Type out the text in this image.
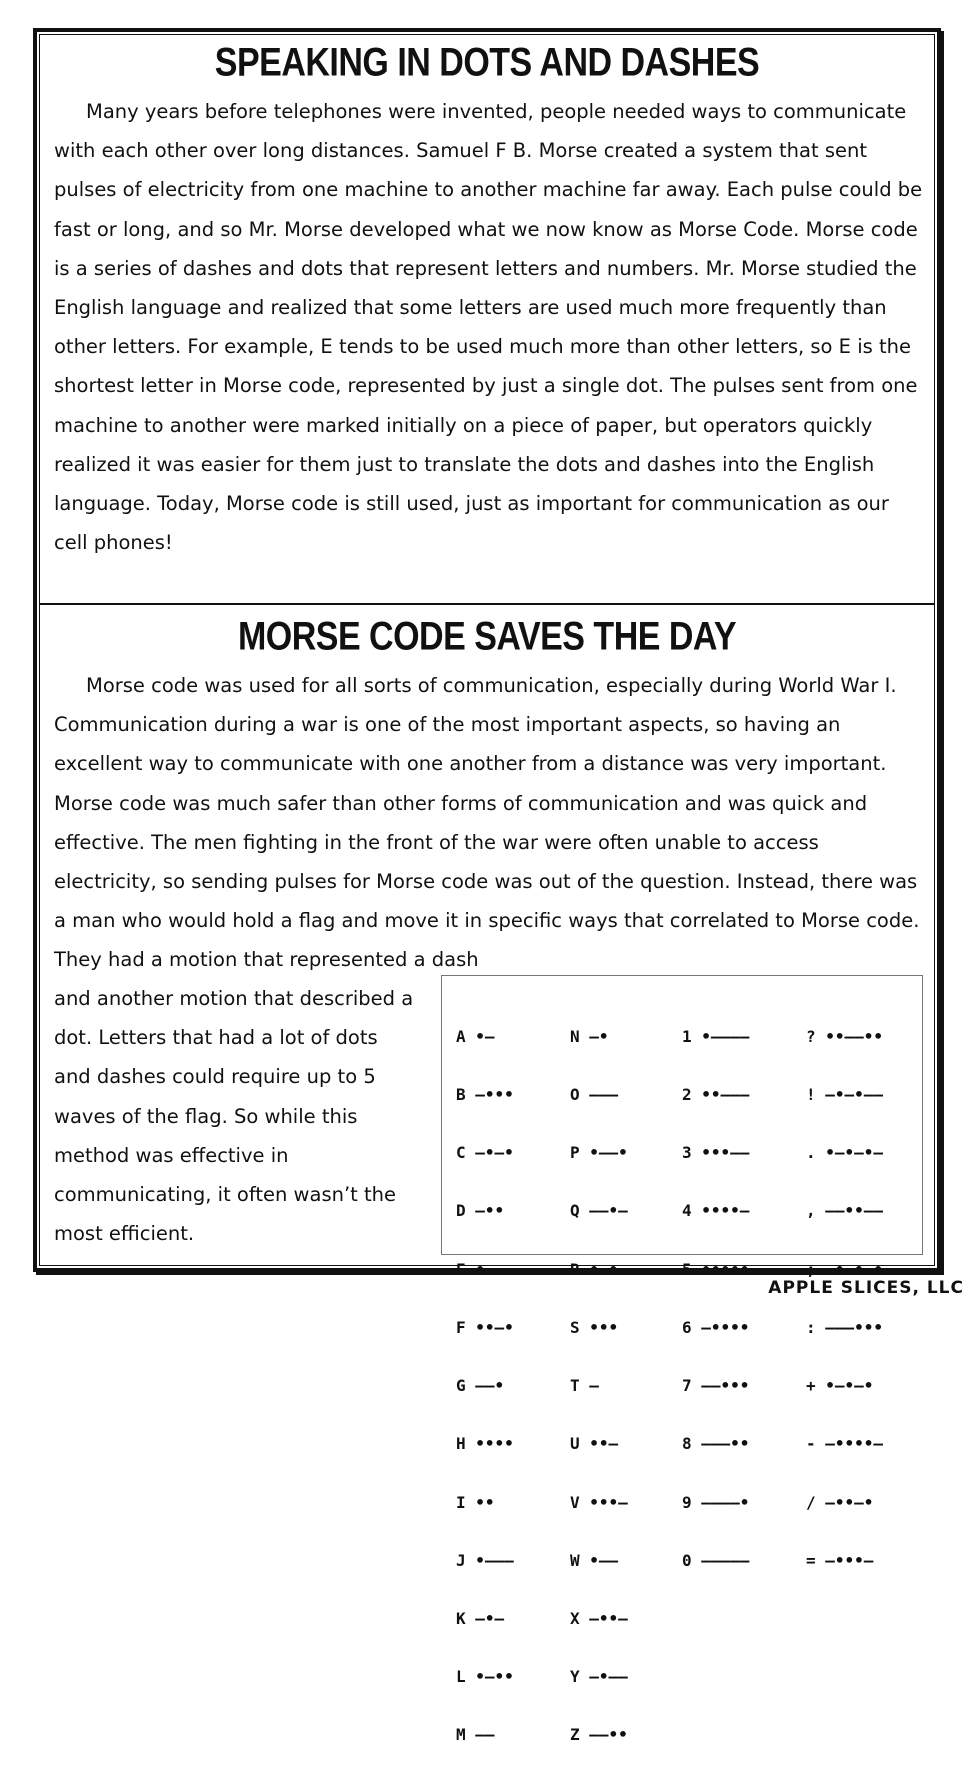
SPEAKING IN DOTS AND DASHES

Many years before telephones were invented, people needed ways to communicate with each other over long distances. Samuel F B. Morse created a system that sent pulses of electricity from one machine to another machine far away. Each pulse could be fast or long, and so Mr. Morse developed what we now know as Morse Code. Morse code is a series of dashes and dots that represent letters and numbers. Mr. Morse studied the English language and realized that some letters are used much more frequently than other letters. For example, E tends to be used much more than other letters, so E is the shortest letter in Morse code, represented by just a single dot. The pulses sent from one machine to another were marked initially on a piece of paper, but operators quickly realized it was easier for them just to translate the dots and dashes into the English language. Today, Morse code is still used, just as important for communication as our cell phones!

MORSE CODE SAVES THE DAY

Morse code was used for all sorts of communication, especially during World War I. Communication during a war is one of the most important aspects, so having an excellent way to communicate with one another from a distance was very important. Morse code was much safer than other forms of communication and was quick and effective. The men fighting in the front of the war were often unable to access electricity, so sending pulses for Morse code was out of the question. Instead, there was a man who would hold a flag and move it in specific ways that correlated to Morse code. They had a motion that represented a dash

and another motion that described a dot. Letters that had a lot of dots and dashes could require up to 5 waves of the flag. So while this method was effective in communicating, it often wasn’t the most efficient.

A •—

B —•••

C —•—•

D —••

E •

F ••—•

G ——•

H ••••

I ••

J •———

K —•—

L •—••

M ——

N —•

O ———

P •——•

Q ——•—

R •—•

S •••

T —

U ••—

V •••—

W •——

X —••—

Y —•——

Z ——••

1 •————

2 ••———

3 •••——

4 ••••—

5 •••••

6 —••••

7 ——•••

8 ———••

9 ————•

0 —————

? ••——••

! —•—•——

. •—•—•—

, ——••——

; —•—•—•

: ———•••

+ •—•—•

- —••••—

/ —••—•

= —•••—

APPLE SLICES, LLC
